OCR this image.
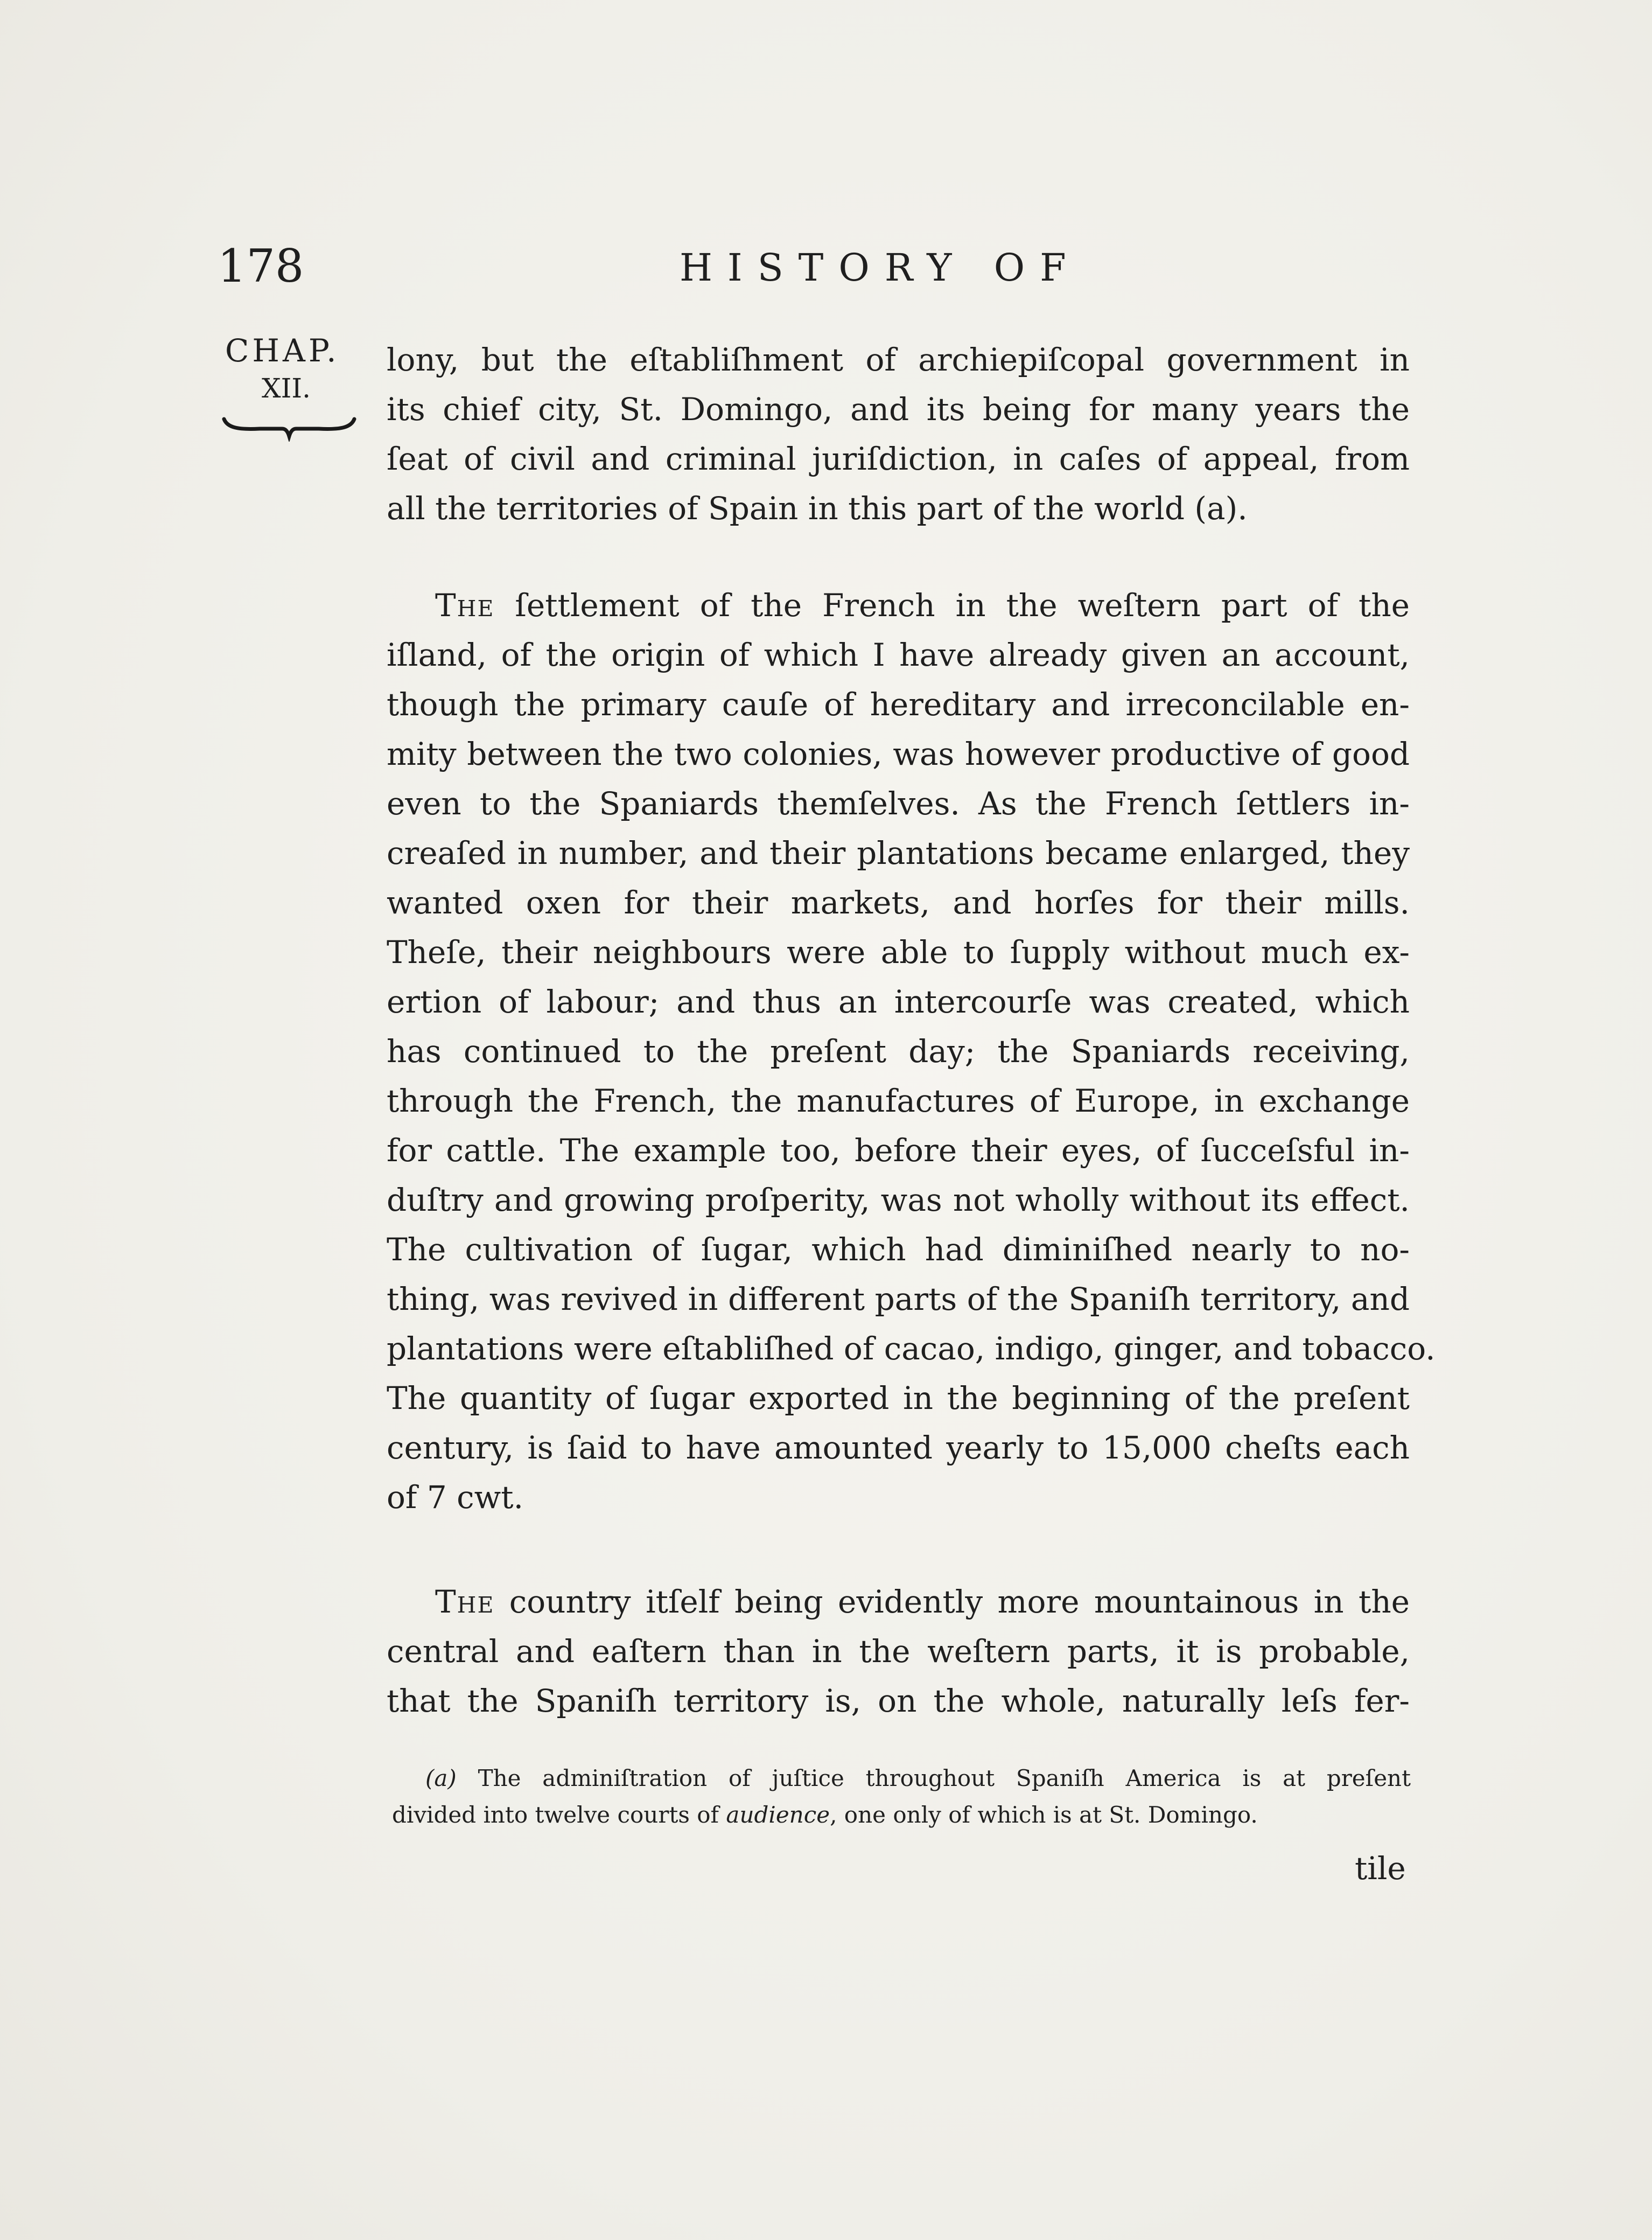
178	HISTORY OF
CHAP.
XII.

lony, but the eſtabliſhment of archiepiſcopal government in
its chief city, St. Domingo, and its being for many years the
ſeat of civil and criminal juriſdiction, in caſes of appeal, from
all the territories of Spain in this part of the world (a).
The ſettlement of the French in the weſtern part of the
iſland, of the origin of which I have already given an account,
though the primary cauſe of hereditary and irreconcilable en-
mity between the two colonies, was however productive of good
even to the Spaniards themſelves. As the French ſettlers in-
creaſed in number, and their plantations became enlarged, they
wanted oxen for their markets, and horſes for their mills.
Theſe, their neighbours were able to ſupply without much ex-
ertion of labour; and thus an intercourſe was created, which
has continued to the preſent day; the Spaniards receiving,
through the French, the manufactures of Europe, in exchange
for cattle. The example too, before their eyes, of ſucceſsful in-
duſtry and growing proſperity, was not wholly without its effect.
The cultivation of ſugar, which had diminiſhed nearly to no-
thing, was revived in different parts of the Spaniſh territory, and
plantations were eſtabliſhed of cacao, indigo, ginger, and tobacco.
The quantity of ſugar exported in the beginning of the preſent
century, is ſaid to have amounted yearly to 15,000 cheſts each
of 7 cwt.
The country itſelf being evidently more mountainous in the
central and eaſtern than in the weſtern parts, it is probable,
that the Spaniſh territory is, on the whole, naturally leſs fer-
(a) The adminiſtration of juſtice throughout Spaniſh America is at preſent
divided into twelve courts of audience, one only of which is at St. Domingo.
tile
